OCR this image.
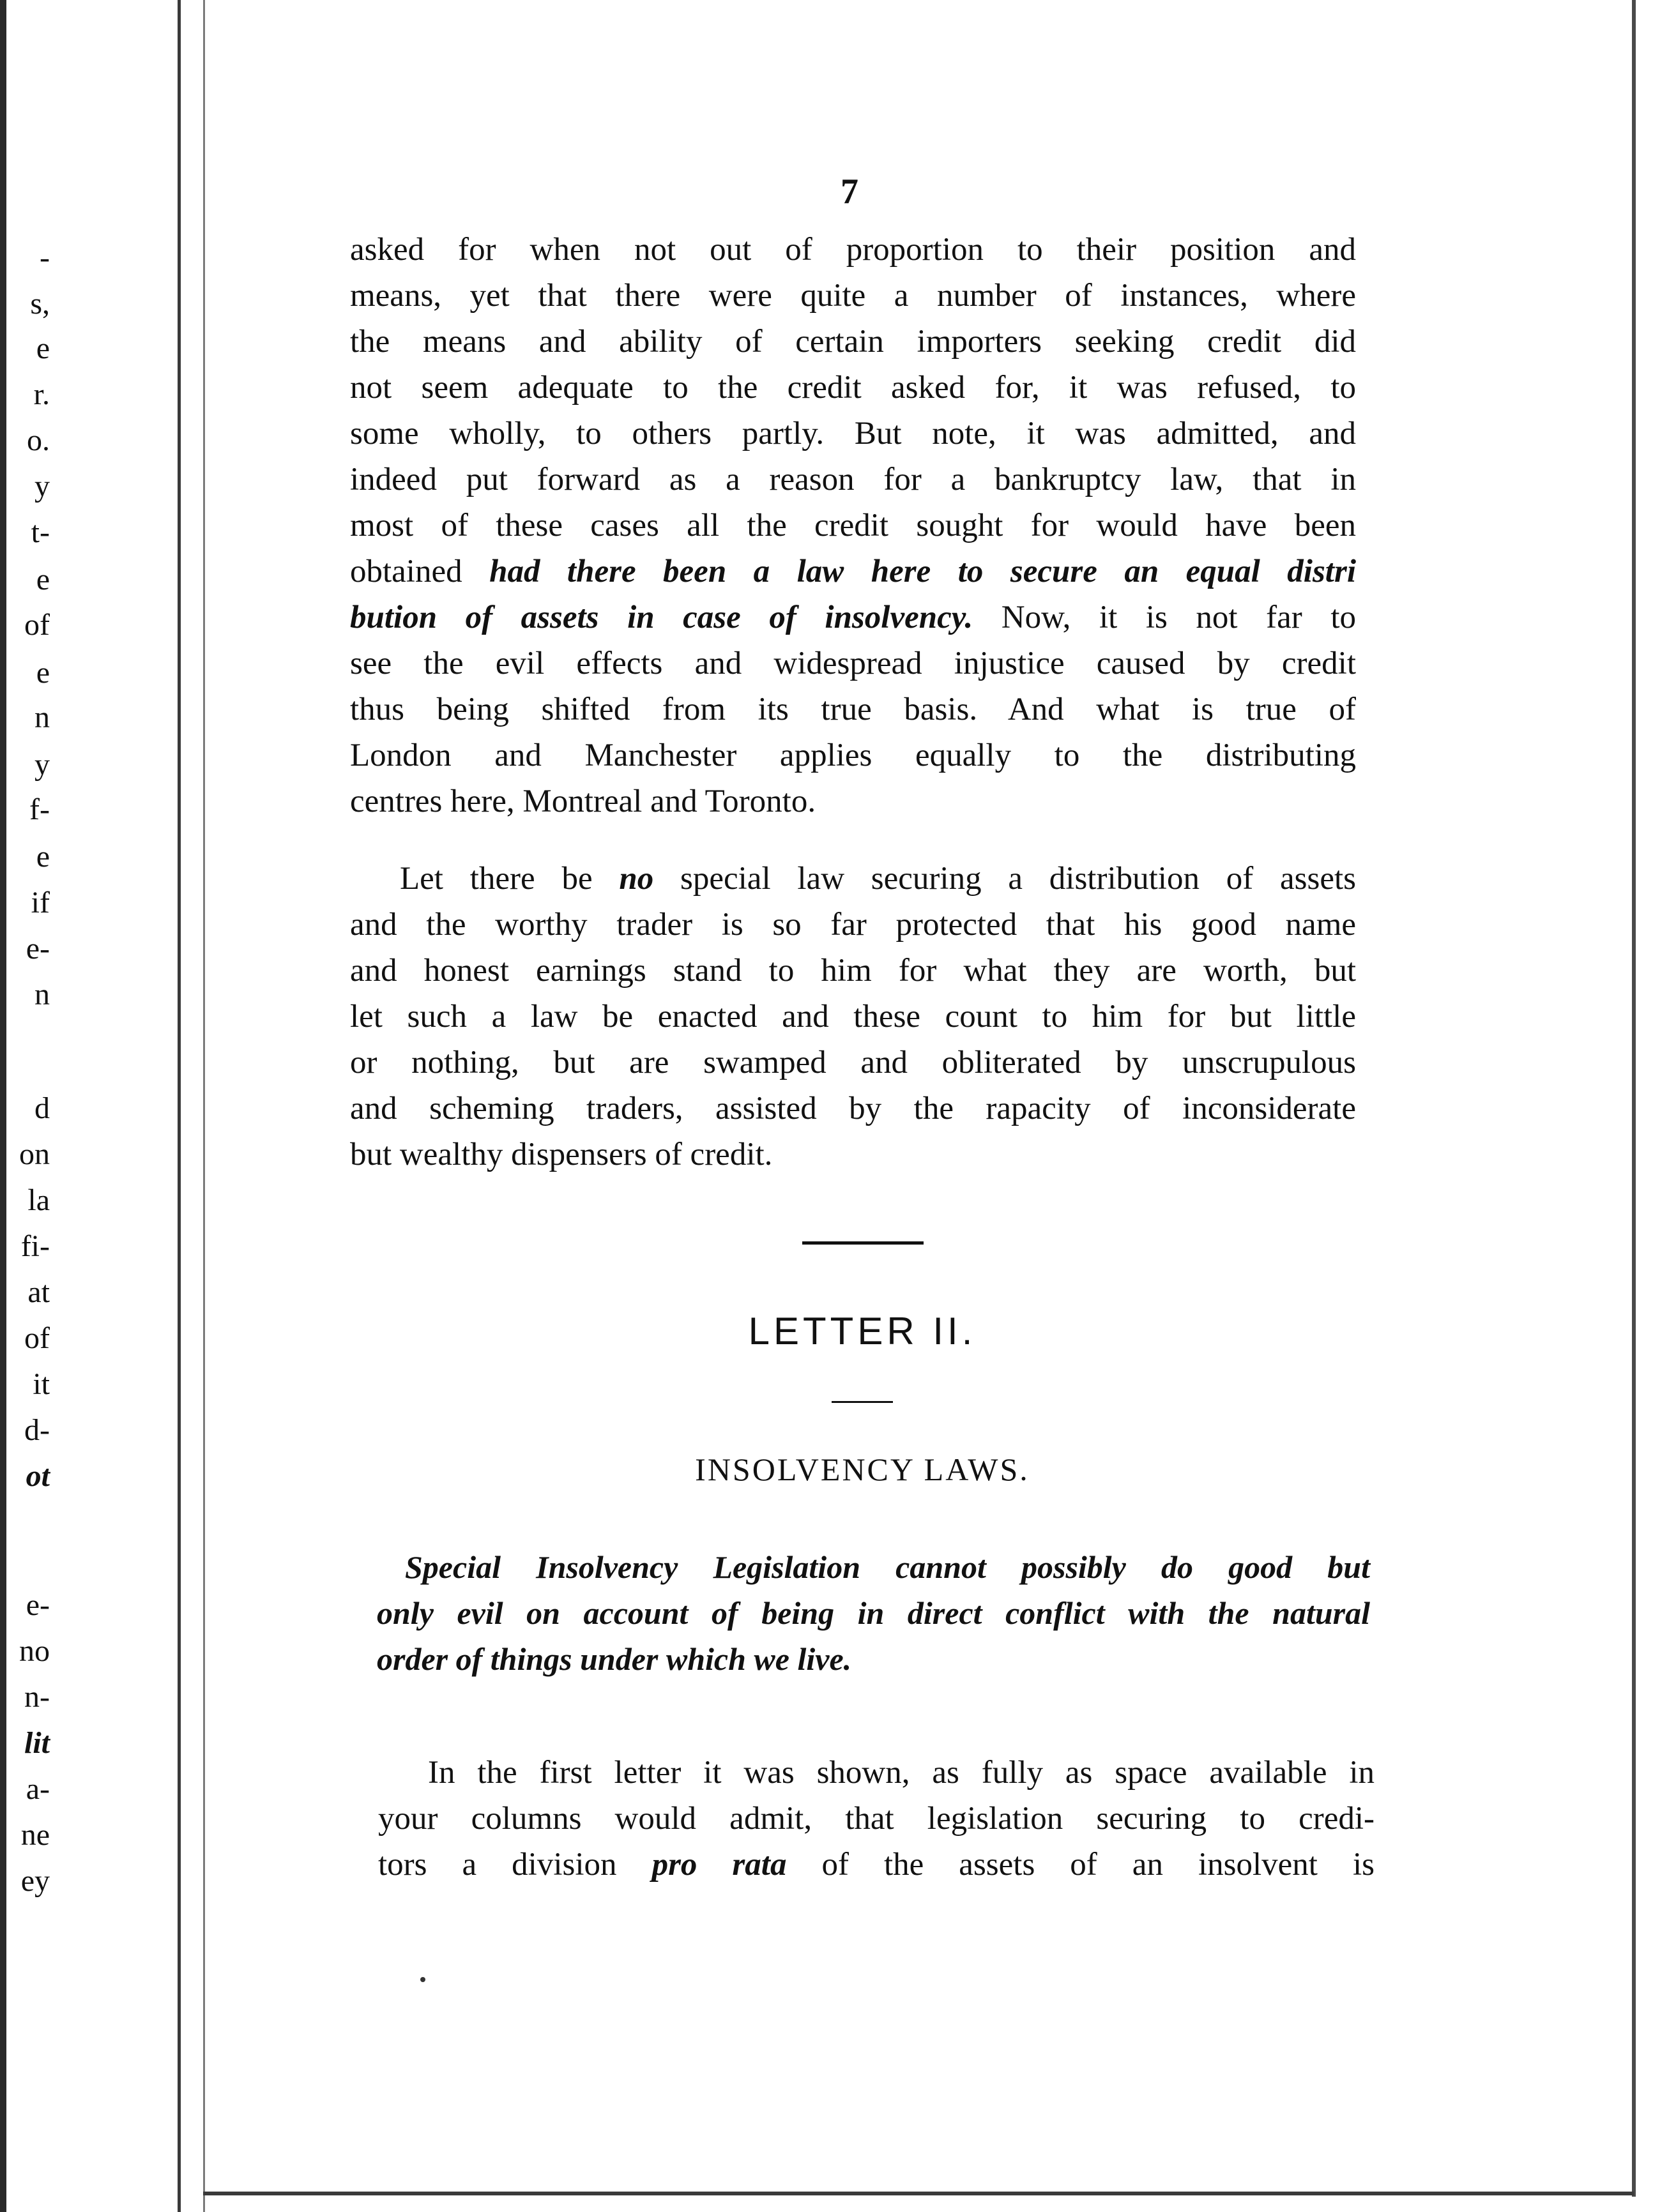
-
s,
e
r.
o.
y
t-
e
of
e
n
y
f-
e
if
e-
n
d
on
la
fi-
at
of
it
d-
ot
e-
no
n-
lit
a-
ne
ey
7
asked for when not out of proportion to their position and
means, yet that there were quite a number of instances, where
the means and ability of certain importers seeking credit did
not seem adequate to the credit asked for, it was refused, to
some wholly, to others partly. But note, it was admitted, and
indeed put forward as a reason for a bankruptcy law, that in
most of these cases all the credit sought for would have been
obtained had there been a law here to secure an equal distri
bution of assets in case of insolvency. Now, it is not far to
see the evil effects and widespread injustice caused by credit
thus being shifted from its true basis. And what is true of
London and Manchester applies equally to the distributing
centres here, Montreal and Toronto.
Let there be no special law securing a distribution of assets
and the worthy trader is so far protected that his good name
and honest earnings stand to him for what they are worth, but
let such a law be enacted and these count to him for but little
or nothing, but are swamped and obliterated by unscrupulous
and scheming traders, assisted by the rapacity of inconsiderate
but wealthy dispensers of credit.
LETTER II.
INSOLVENCY LAWS.
Special Insolvency Legislation cannot possibly do good but
only evil on account of being in direct conflict with the natural
order of things under which we live.
In the first letter it was shown, as fully as space available in
your columns would admit, that legislation securing to credi-
tors a division pro rata of the assets of an insolvent is
